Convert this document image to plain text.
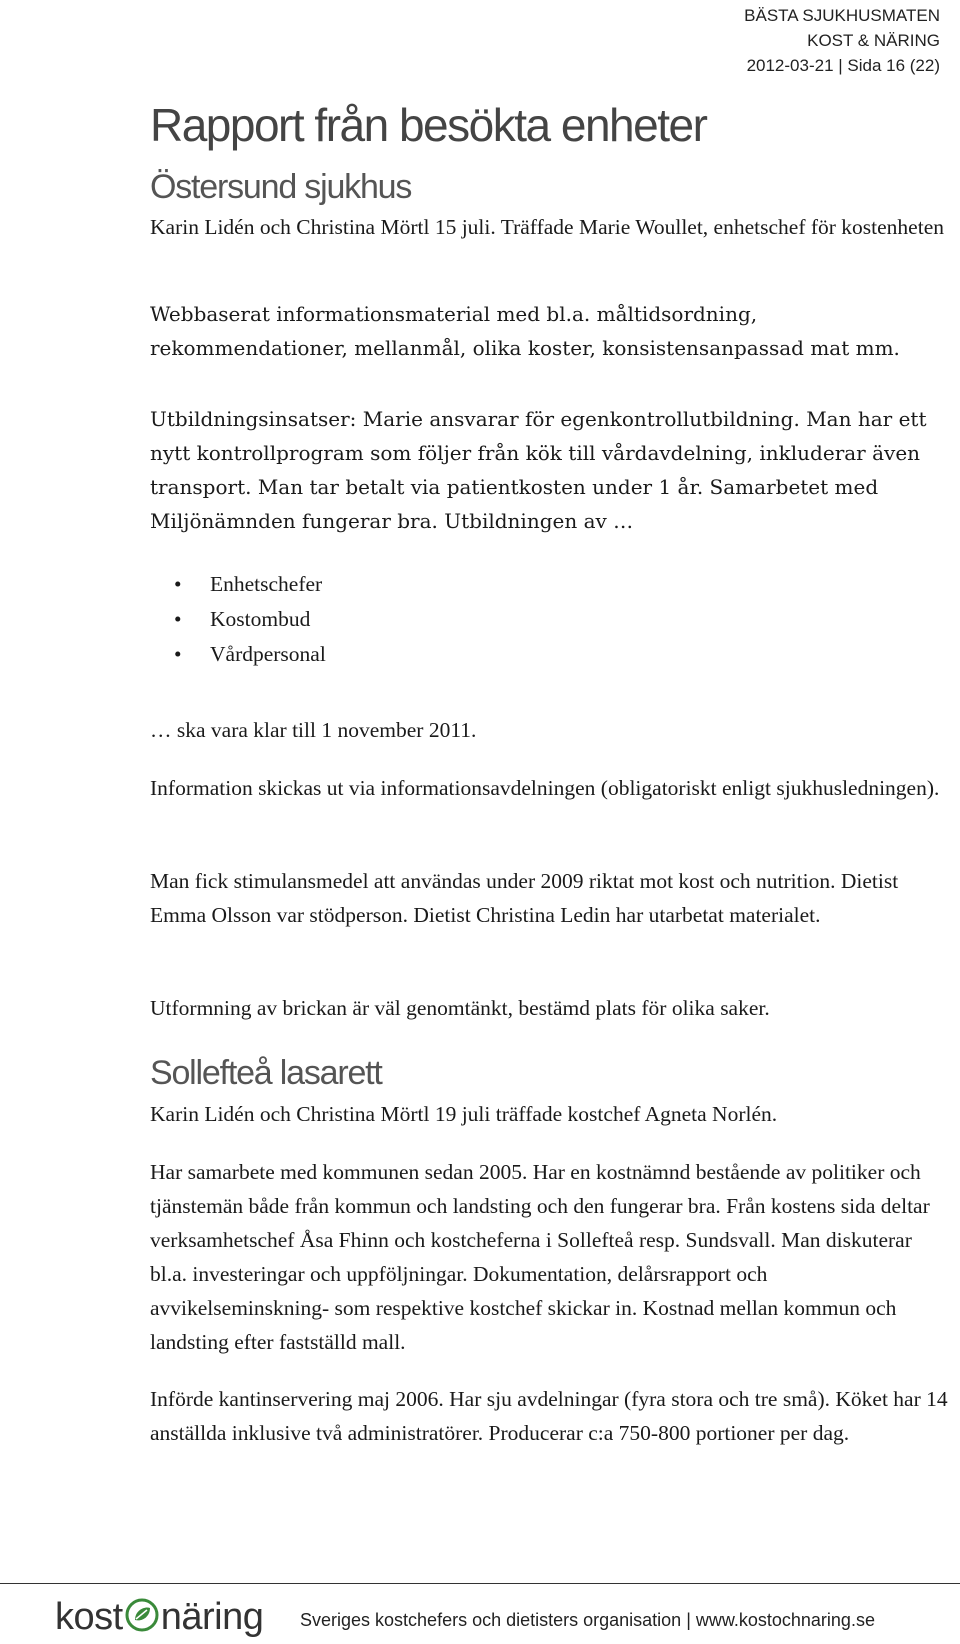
BÄSTA SJUKHUSMATEN
KOST & NÄRING
2012-03-21 | Sida 16 (22)
Rapport från besökta enheter
Östersund sjukhus

Karin Lidén och Christina Mörtl 15 juli. Träffade Marie Woullet, enhetschef för kostenheten

Webbaserat informationsmaterial med bl.a. måltidsordning, rekommendationer, mellanmål, olika koster, konsistensanpassad mat mm.

Utbildningsinsatser: Marie ansvarar för egenkontrollutbildning. Man har ett nytt kontrollprogram som följer från kök till vårdavdelning, inkluderar även transport. Man tar betalt via patientkosten under 1 år. Samarbetet med Miljönämnden fungerar bra. Utbildningen av …

• Enhetschefer
• Kostombud
• Vårdpersonal

… ska vara klar till 1 november 2011.

Information skickas ut via informationsavdelningen (obligatoriskt enligt sjukhusledningen).

Man fick stimulansmedel att användas under 2009 riktat mot kost och nutrition. Dietist Emma Olsson var stödperson. Dietist Christina Ledin har utarbetat materialet.

Utformning av brickan är väl genomtänkt, bestämd plats för olika saker.

Sollefteå lasarett

Karin Lidén och Christina Mörtl 19 juli träffade kostchef Agneta Norlén.

Har samarbete med kommunen sedan 2005. Har en kostnämnd bestående av politiker och tjänstemän både från kommun och landsting och den fungerar bra. Från kostens sida deltar verksamhetschef Åsa Fhinn och kostcheferna i Sollefteå resp. Sundsvall. Man diskuterar bl.a. investeringar och uppföljningar. Dokumentation, delårsrapport och avvikelseminskning- som respektive kostchef skickar in. Kostnad mellan kommun och landsting efter fastställd mall.

Införde kantinservering maj 2006. Har sju avdelningar (fyra stora och tre små). Köket har 14 anställda inklusive två administratörer. Producerar c:a 750-800 portioner per dag.

kost näring Sveriges kostchefers och dietisters organisation | www.kostochnaring.se
